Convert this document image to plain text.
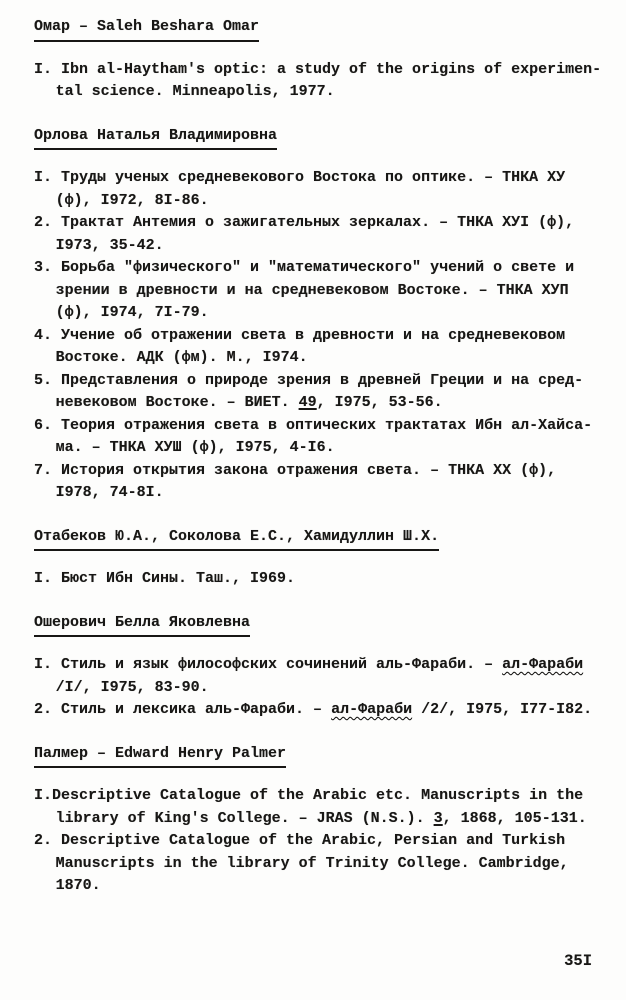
Омар – Saleh Beshara Omar
I. Ibn al-Haytham's optic: a study of the origins of experimen-
tal science. Minneapolis, 1977.
Орлова Наталья Владимировна
I. Труды ученых средневекового Востока по оптике. – ТНКА ХУ
(ф), I972, 8I-86.
2. Трактат Антемия о зажигательных зеркалах. – ТНКА ХУI (ф),
I973, 35-42.
3. Борьба "физического" и "математического" учений о свете и
зрении в древности и на средневековом Востоке. – ТНКА ХУП
(ф), I974, 7I-79.
4. Учение об отражении света в древности и на средневековом
Востоке. АДК (фм). М., I974.
5. Представления о природе зрения в древней Греции и на сред-
невековом Востоке. – ВИЕТ. 49, I975, 53-56.
6. Теория отражения света в оптических трактатах Ибн ал-Хайса-
ма. – ТНКА ХУШ (ф), I975, 4-I6.
7. История открытия закона отражения света. – ТНКА ХХ (ф),
I978, 74-8I.
Отабеков Ю.А., Соколова Е.С., Хамидуллин Ш.Х.
I. Бюст Ибн Сины. Таш., I969.
Ошерович Белла Яковлевна
I. Стиль и язык философских сочинений аль-Фараби. – ал-Фараби
/I/, I975, 83-90.
2. Стиль и лексика аль-Фараби. – ал-Фараби /2/, I975, I77-I82.
Палмер – Edward Henry Palmer
I.Descriptive Catalogue of the Arabic etc. Manuscripts in the
library of King's College. – JRAS (N.S.). 3, 1868, 105-131.
2. Descriptive Catalogue of the Arabic, Persian and Turkish
Manuscripts in the library of Trinity College. Cambridge,
1870.
35I
